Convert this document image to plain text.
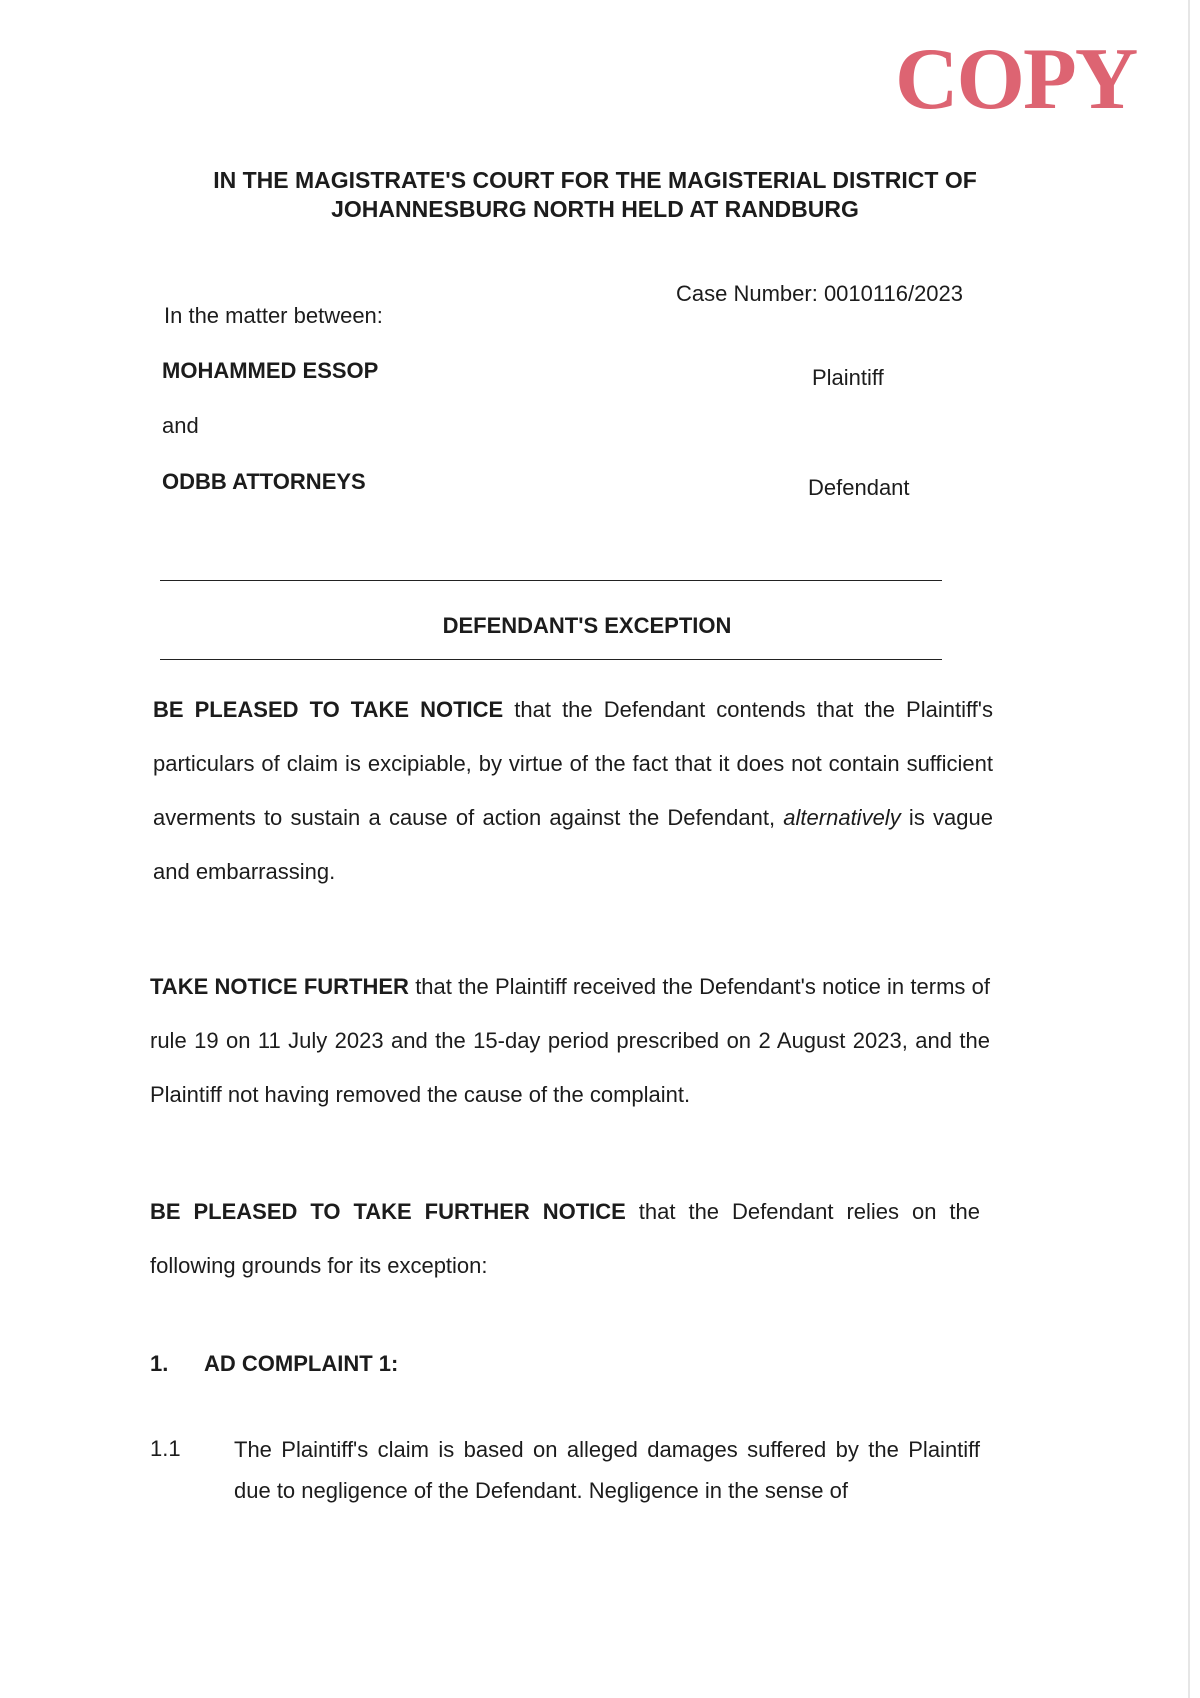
COPY
IN THE MAGISTRATE'S COURT FOR THE MAGISTERIAL DISTRICT OF
JOHANNESBURG NORTH HELD AT RANDBURG
Case Number: 0010116/2023
In the matter between:
MOHAMMED ESSOP	Plaintiff
and
ODBB ATTORNEYS	Defendant
DEFENDANT'S EXCEPTION
BE PLEASED TO TAKE NOTICE that the Defendant contends that the Plaintiff's particulars of claim is excipiable, by virtue of the fact that it does not contain sufficient averments to sustain a cause of action against the Defendant, alternatively is vague and embarrassing.
TAKE NOTICE FURTHER that the Plaintiff received the Defendant's notice in terms of rule 19 on 11 July 2023 and the 15-day period prescribed on 2 August 2023, and the Plaintiff not having removed the cause of the complaint.
BE PLEASED TO TAKE FURTHER NOTICE that the Defendant relies on the following grounds for its exception:
1. AD COMPLAINT 1:
1.1 The Plaintiff's claim is based on alleged damages suffered by the Plaintiff due to negligence of the Defendant. Negligence in the sense of
